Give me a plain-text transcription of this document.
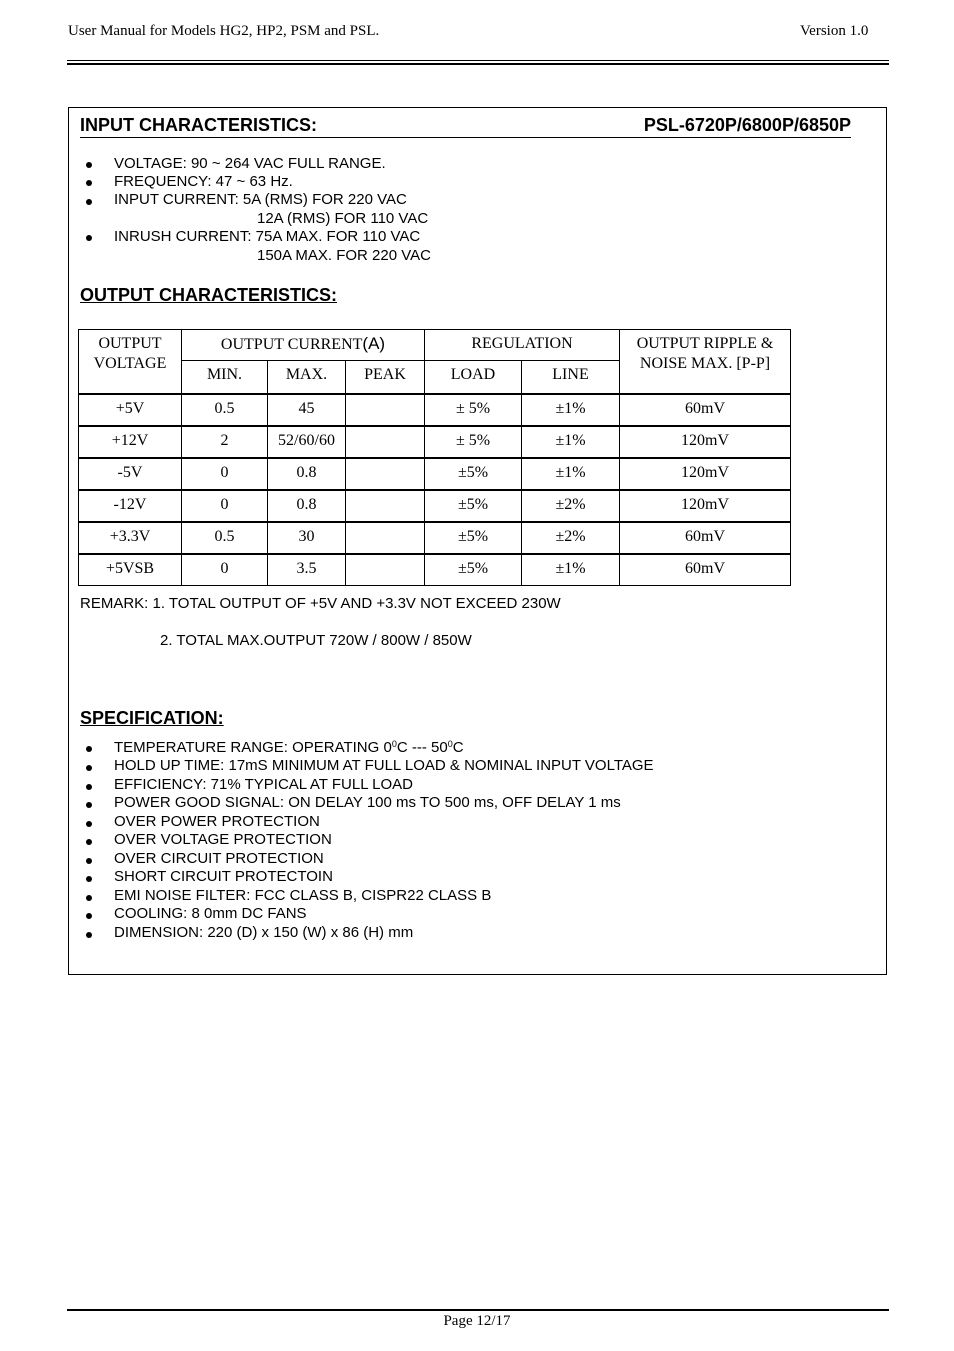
User Manual for Models HG2, HP2, PSM and PSL.	Version 1.0
INPUT CHARACTERISTICS:	PSL-6720P/6800P/6850P
VOLTAGE: 90 ~ 264 VAC FULL RANGE.
FREQUENCY: 47 ~ 63 Hz.
INPUT CURRENT: 5A (RMS) FOR 220 VAC
12A (RMS) FOR 110 VAC
INRUSH CURRENT: 75A MAX. FOR 110 VAC
150A MAX. FOR 220 VAC
OUTPUT CHARACTERISTICS:
OUTPUT VOLTAGE	OUTPUT CURRENT(A)			REGULATION		OUTPUT RIPPLE & NOISE MAX. [P-P]
	MIN.	MAX.	PEAK	LOAD	LINE	
+5V	0.5	45		± 5%	±1%	60mV
+12V	2	52/60/60		± 5%	±1%	120mV
-5V	0	0.8		±5%	±1%	120mV
-12V	0	0.8		±5%	±2%	120mV
+3.3V	0.5	30		±5%	±2%	60mV
+5VSB	0	3.5		±5%	±1%	60mV
REMARK: 1. TOTAL OUTPUT OF +5V AND +3.3V NOT EXCEED 230W
2. TOTAL MAX.OUTPUT 720W / 800W / 850W
SPECIFICATION:
TEMPERATURE RANGE: OPERATING $0^0C$ --- $50^0C$
HOLD UP TIME: 17mS MINIMUM AT FULL LOAD & NOMINAL INPUT VOLTAGE
EFFICIENCY: 71% TYPICAL AT FULL LOAD
POWER GOOD SIGNAL: ON DELAY 100 ms TO 500 ms, OFF DELAY 1 ms
OVER POWER PROTECTION
OVER VOLTAGE PROTECTION
OVER CIRCUIT PROTECTION
SHORT CIRCUIT PROTECTOIN
EMI NOISE FILTER: FCC CLASS B, CISPR22 CLASS B
COOLING: 8 0mm DC FANS
DIMENSION: 220 (D) x 150 (W) x 86 (H) mm
Page 12/17
